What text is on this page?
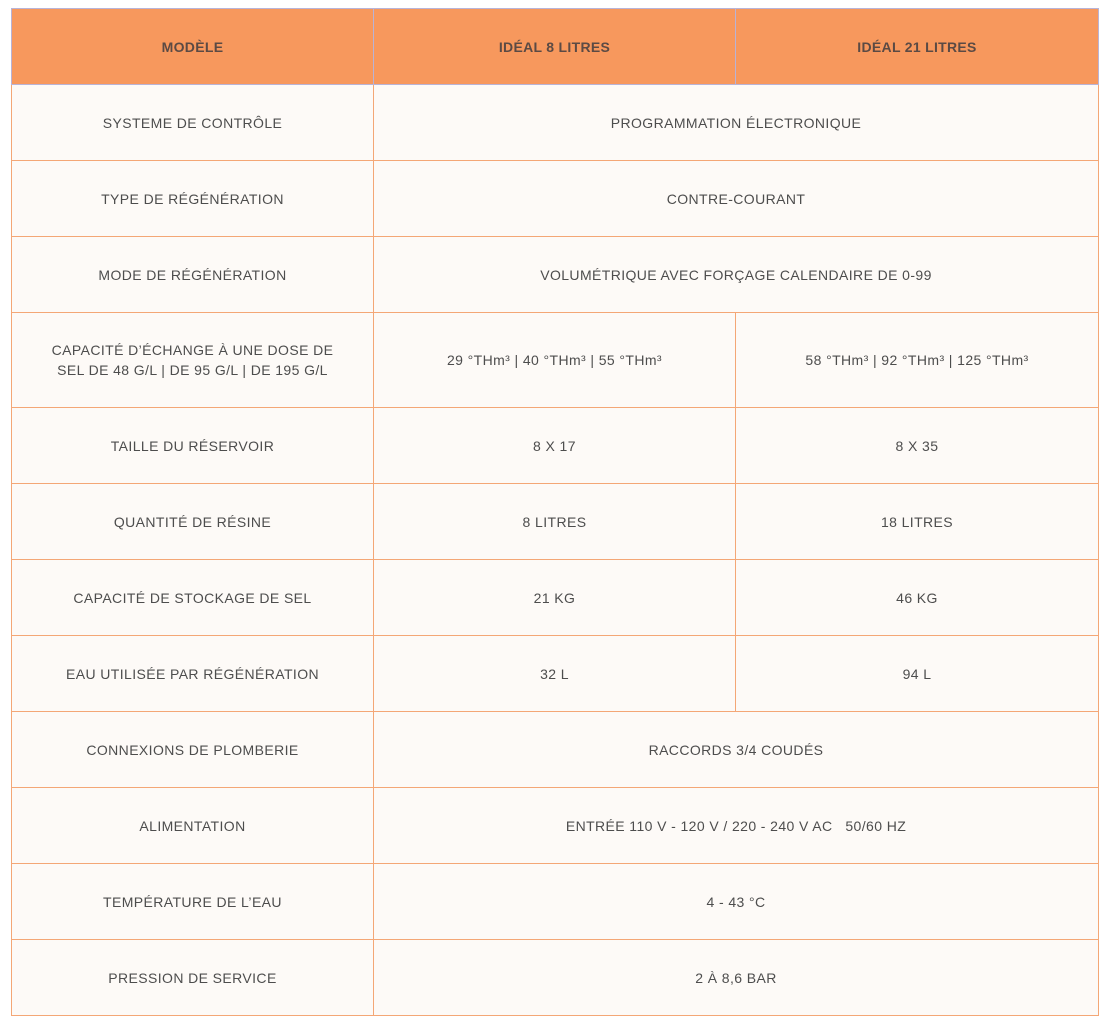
MODÈLE	IDÉAL 8 LITRES	IDÉAL 21 LITRES
SYSTEME DE CONTRÔLE	PROGRAMMATION ÉLECTRONIQUE	
TYPE DE RÉGÉNÉRATION	CONTRE-COURANT	
MODE DE RÉGÉNÉRATION	VOLUMÉTRIQUE AVEC FORÇAGE CALENDAIRE DE 0-99	
CAPACITÉ D’ÉCHANGE À UNE DOSE DE SEL DE 48 G/L | DE 95 G/L | DE 195 G/L	29 °THm³ | 40 °THm³ | 55 °THm³	58 °THm³ | 92 °THm³ | 125 °THm³
TAILLE DU RÉSERVOIR	8 X 17	8 X 35
QUANTITÉ DE RÉSINE	8 LITRES	18 LITRES
CAPACITÉ DE STOCKAGE DE SEL	21 KG	46 KG
EAU UTILISÉE PAR RÉGÉNÉRATION	32 L	94 L
CONNEXIONS DE PLOMBERIE	RACCORDS 3/4 COUDÉS	
ALIMENTATION	ENTRÉE 110 V - 120 V / 220 - 240 V AC   50/60 HZ	
TEMPÉRATURE DE L’EAU	4 - 43 °C	
PRESSION DE SERVICE	2 À 8,6 BAR	
